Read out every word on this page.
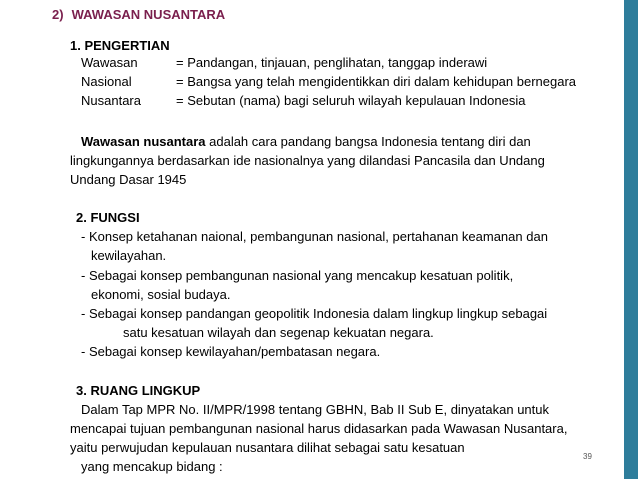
2) WAWASAN NUSANTARA
1. PENGERTIAN
Wawasan	= Pandangan, tinjauan, penglihatan, tanggap inderawi
Nasional	= Bangsa yang telah mengidentikkan diri dalam kehidupan bernegara
Nusantara	= Sebutan (nama) bagi seluruh wilayah kepulauan Indonesia
Wawasan nusantara adalah cara pandang bangsa Indonesia tentang diri dan
lingkungannya berdasarkan ide nasionalnya yang dilandasi Pancasila dan Undang
Undang Dasar 1945
2. FUNGSI
- Konsep ketahanan naional, pembangunan nasional, pertahanan keamanan dan
kewilayahan.
- Sebagai konsep pembangunan nasional yang mencakup kesatuan politik,
ekonomi, sosial budaya.
- Sebagai konsep pandangan geopolitik Indonesia dalam lingkup lingkup sebagai
satu kesatuan wilayah dan segenap kekuatan negara.
- Sebagai konsep kewilayahan/pembatasan negara.
3. RUANG LINGKUP
Dalam Tap MPR No. II/MPR/1998 tentang GBHN, Bab II Sub E, dinyatakan untuk
mencapai tujuan pembangunan nasional harus didasarkan pada Wawasan Nusantara,
yaitu perwujudan kepulauan nusantara dilihat sebagai satu kesatuan
yang mencakup bidang :
39
